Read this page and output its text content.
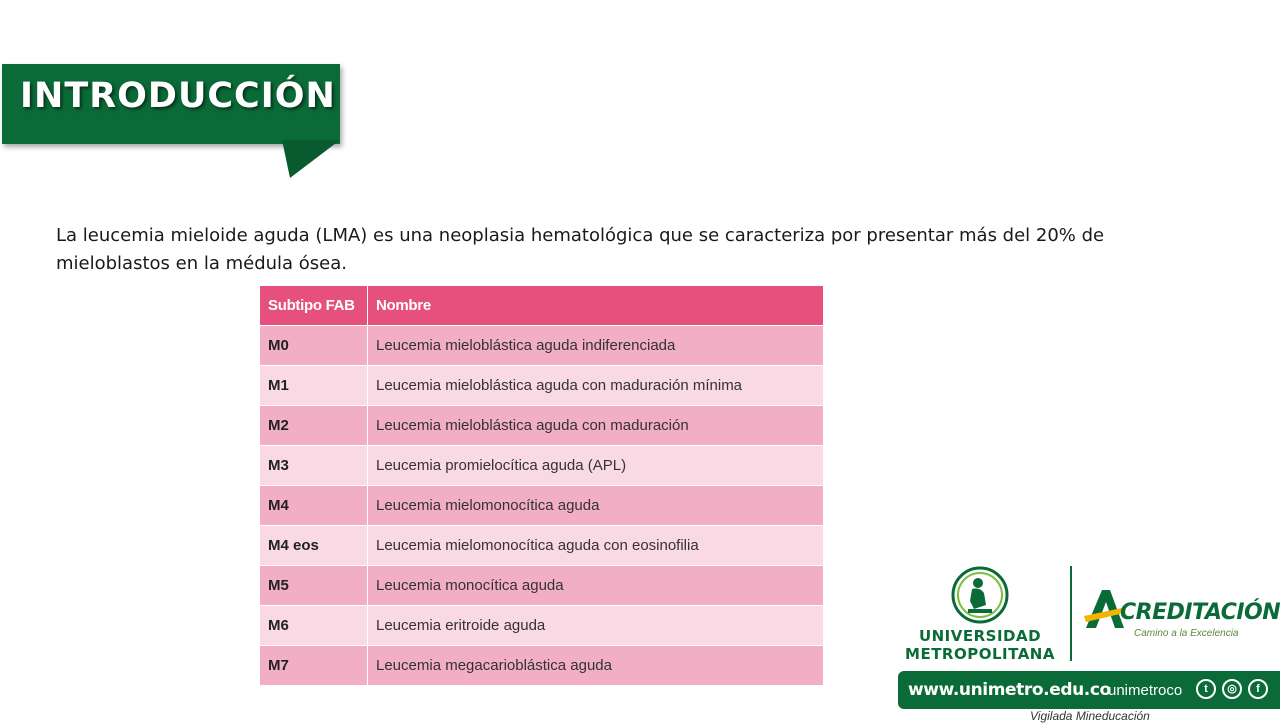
INTRODUCCIÓN
La leucemia mieloide aguda (LMA) es una neoplasia hematológica que se caracteriza por presentar más del 20% de mieloblastos en la médula ósea.
Subtipo FAB	Nombre
M0	Leucemia mieloblástica aguda indiferenciada
M1	Leucemia mieloblástica aguda con maduración mínima
M2	Leucemia mieloblástica aguda con maduración
M3	Leucemia promielocítica aguda (APL)
M4	Leucemia mielomonocítica aguda
M4 eos	Leucemia mielomonocítica aguda con eosinofilia
M5	Leucemia monocítica aguda
M6	Leucemia eritroide aguda
M7	Leucemia megacarioblástica aguda
UNIVERSIDAD
METROPOLITANA
CREDITACIÓN
Camino a la Excelencia
www.unimetro.edu.co
unimetroco	t	◎	f
Vigilada Mineducación
